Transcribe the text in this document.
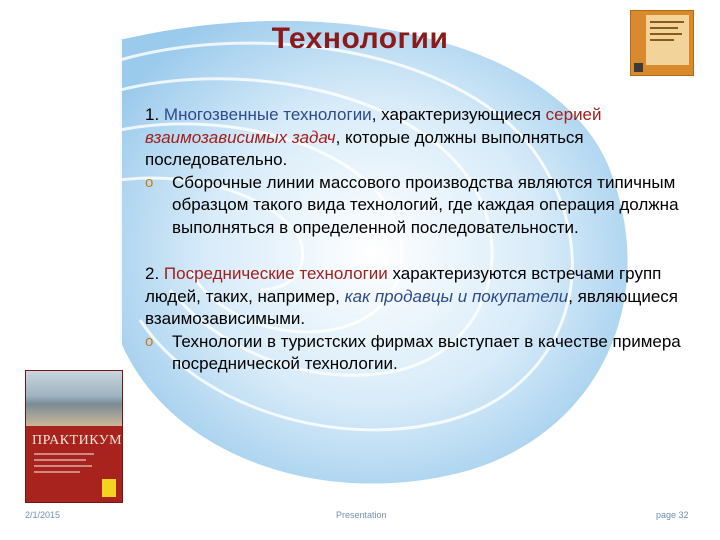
Технологии

1. Многозвенные технологии, характеризующиеся серией взаимозависимых задач, которые должны выполняться последовательно.

o Сборочные линии массового производства являются типичным образцом такого вида технологий, где каждая операция должна выполняться в определенной последовательности.

2. Посреднические технологии характеризуются встречами групп людей, таких, например, как продавцы и покупатели, являющиеся взаимозависимыми.

o Технологии в туристских фирмах выступает в качестве примера посреднической технологии.

ПРАКТИКУМ
2/1/2015	Presentation	page 32
